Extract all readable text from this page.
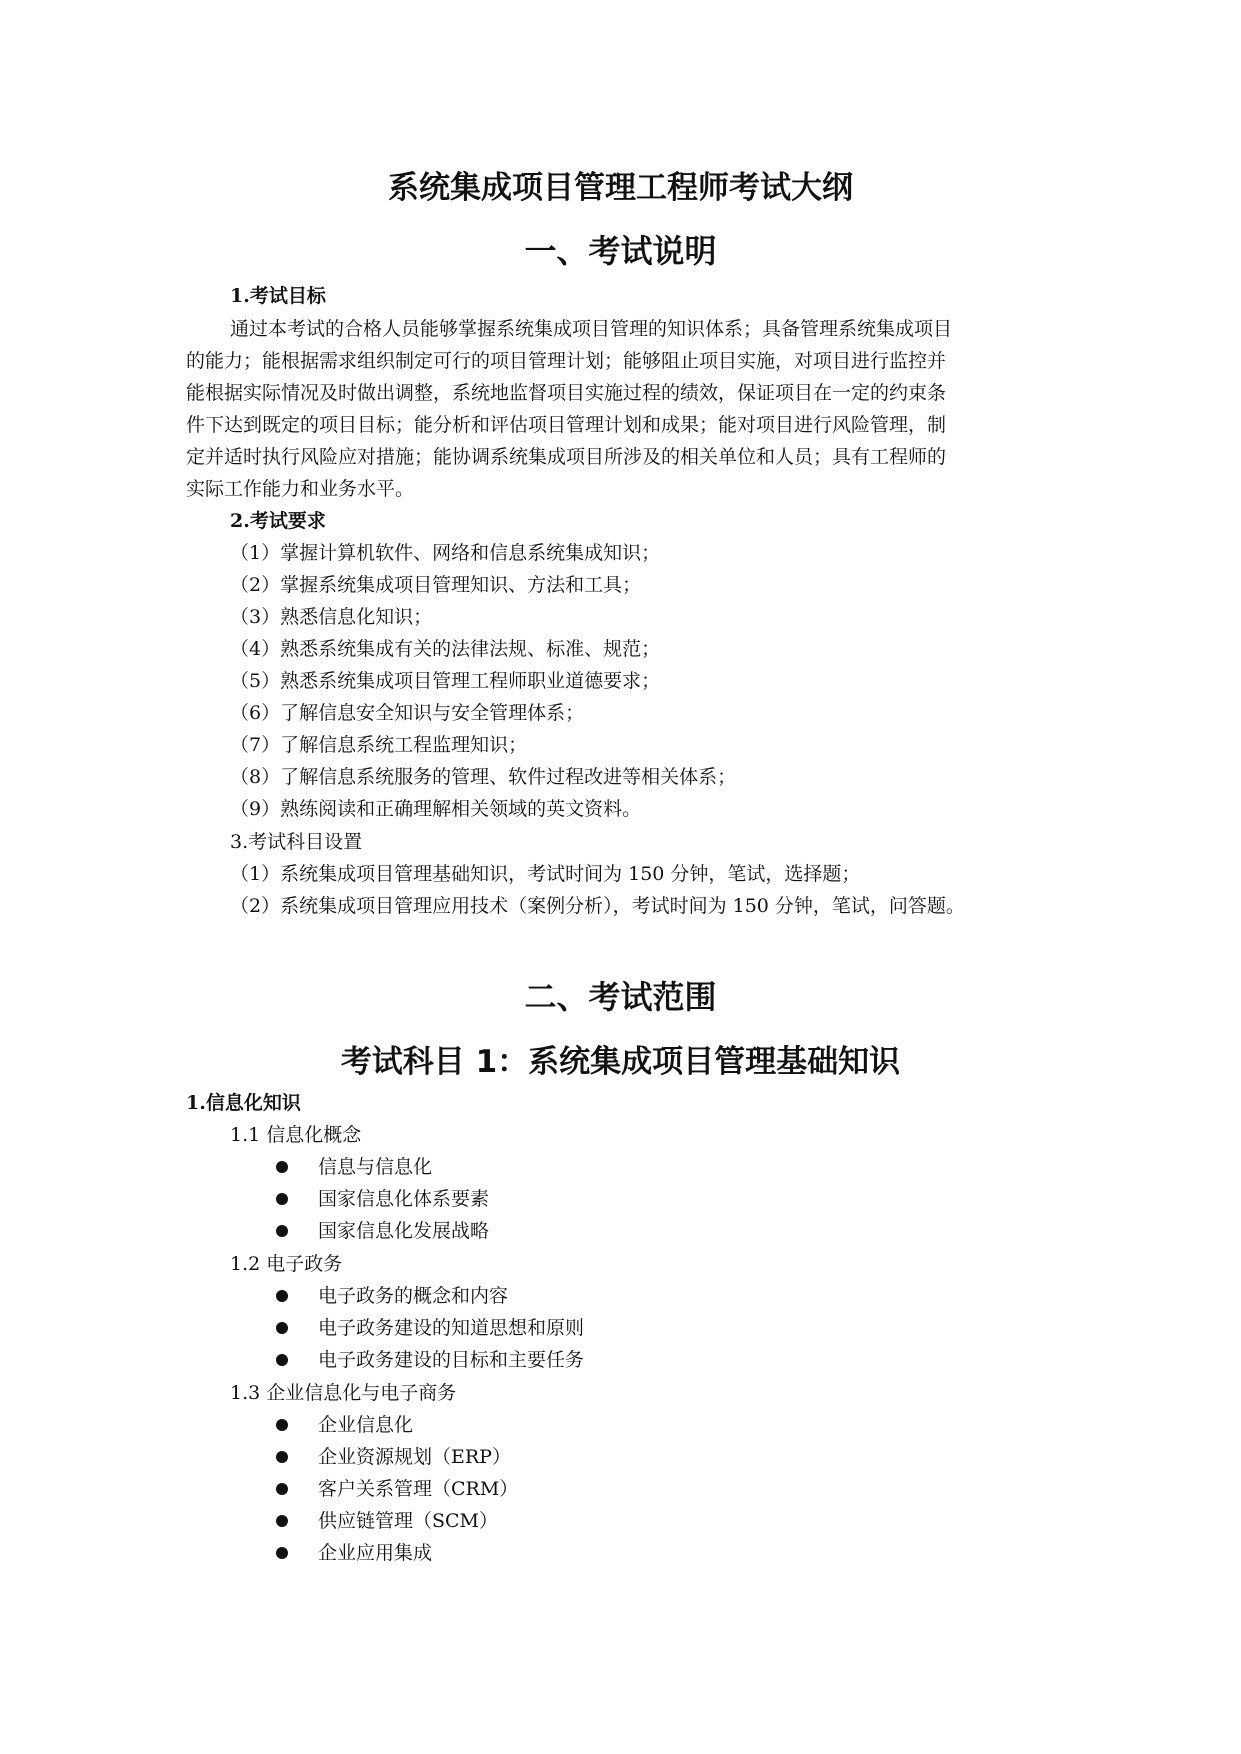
系统集成项目管理工程师考试大纲
一、考试说明
1.考试目标
通过本考试的合格人员能够掌握系统集成项目管理的知识体系；具备管理系统集成项目
的能力；能根据需求组织制定可行的项目管理计划；能够阻止项目实施，对项目进行监控并
能根据实际情况及时做出调整，系统地监督项目实施过程的绩效，保证项目在一定的约束条
件下达到既定的项目目标；能分析和评估项目管理计划和成果；能对项目进行风险管理，制
定并适时执行风险应对措施；能协调系统集成项目所涉及的相关单位和人员；具有工程师的
实际工作能力和业务水平。
2.考试要求
（1）掌握计算机软件、网络和信息系统集成知识；
（2）掌握系统集成项目管理知识、方法和工具；
（3）熟悉信息化知识；
（4）熟悉系统集成有关的法律法规、标准、规范；
（5）熟悉系统集成项目管理工程师职业道德要求；
（6）了解信息安全知识与安全管理体系；
（7）了解信息系统工程监理知识；
（8）了解信息系统服务的管理、软件过程改进等相关体系；
（9）熟练阅读和正确理解相关领域的英文资料。
3.考试科目设置
（1）系统集成项目管理基础知识，考试时间为 150 分钟，笔试，选择题；
（2）系统集成项目管理应用技术（案例分析），考试时间为 150 分钟，笔试，问答题。
二、考试范围
考试科目 1：系统集成项目管理基础知识
1.信息化知识
1.1 信息化概念
信息与信息化
国家信息化体系要素
国家信息化发展战略
1.2 电子政务
电子政务的概念和内容
电子政务建设的知道思想和原则
电子政务建设的目标和主要任务
1.3 企业信息化与电子商务
企业信息化
企业资源规划（ERP）
客户关系管理（CRM）
供应链管理（SCM）
企业应用集成
